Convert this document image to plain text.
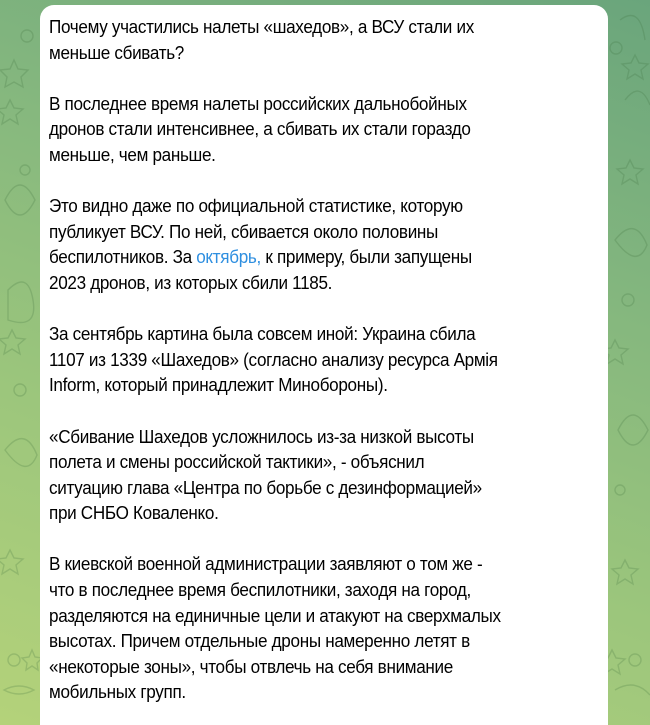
Почему участились налеты «шахедов», а ВСУ стали их
меньше сбивать?
В последнее время налеты российских дальнобойных
дронов стали интенсивнее, а сбивать их стали гораздо
меньше, чем раньше.
Это видно даже по официальной статистике, которую
публикует ВСУ. По ней, сбивается около половины
беспилотников. За октябрь, к примеру, были запущены
2023 дронов, из которых сбили 1185.
За сентябрь картина была совсем иной: Украина сбила
1107 из 1339 «Шахедов» (согласно анализу ресурса Армія
Inform, который принадлежит Минобороны).
«Сбивание Шахедов усложнилось из-за низкой высоты
полета и смены российской тактики», - объяснил
ситуацию глава «Центра по борьбе с дезинформацией»
при СНБО Коваленко.
В киевской военной администрации заявляют о том же -
что в последнее время беспилотники, заходя на город,
разделяются на единичные цели и атакуют на сверхмалых
высотах. Причем отдельные дроны намеренно летят в
«некоторые зоны», чтобы отвлечь на себя внимание
мобильных групп.
